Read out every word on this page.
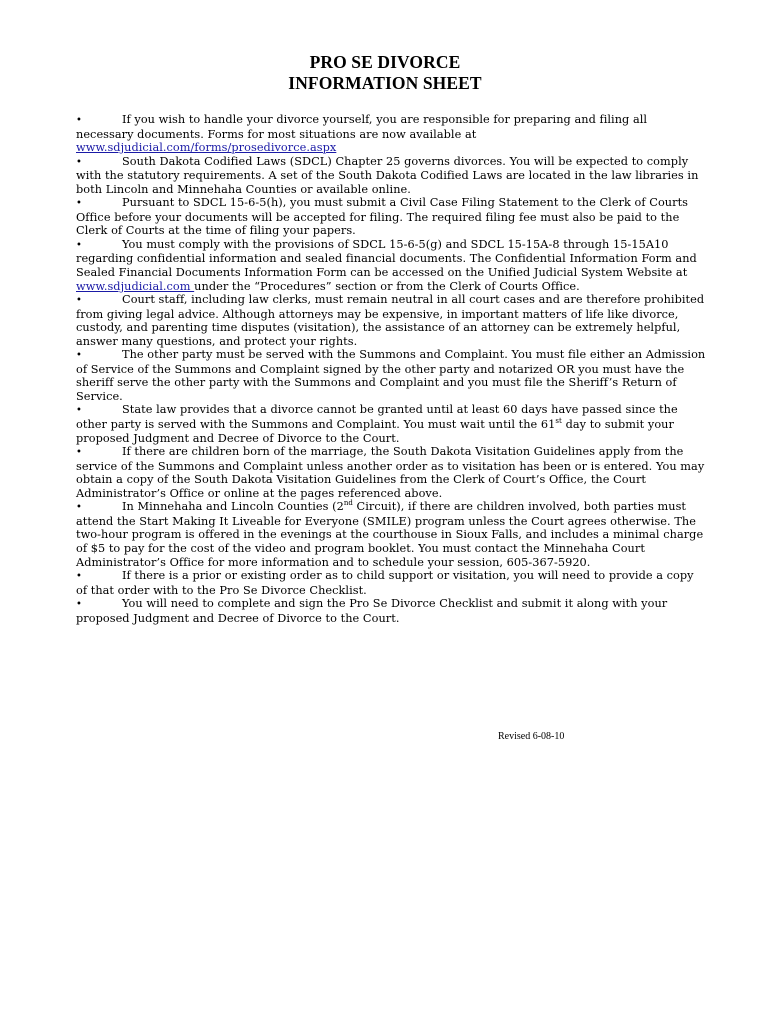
PRO SE DIVORCE
INFORMATION SHEET

•	If you wish to handle your divorce yourself, you are responsible for preparing and filing all necessary documents. Forms for most situations are now available at www.sdjudicial.com/forms/prosedivorce.aspx

•	South Dakota Codified Laws (SDCL) Chapter 25 governs divorces. You will be expected to comply with the statutory requirements. A set of the South Dakota Codified Laws are located in the law libraries in both Lincoln and Minnehaha Counties or available online.

•	Pursuant to SDCL 15-6-5(h), you must submit a Civil Case Filing Statement to the Clerk of Courts Office before your documents will be accepted for filing. The required filing fee must also be paid to the Clerk of Courts at the time of filing your papers.

•	You must comply with the provisions of SDCL 15-6-5(g) and SDCL 15-15A-8 through 15-15A10 regarding confidential information and sealed financial documents. The Confidential Information Form and Sealed Financial Documents Information Form can be accessed on the Unified Judicial System Website at www.sdjudicial.com under the “Procedures” section or from the Clerk of Courts Office.

•	Court staff, including law clerks, must remain neutral in all court cases and are therefore prohibited from giving legal advice. Although attorneys may be expensive, in important matters of life like divorce, custody, and parenting time disputes (visitation), the assistance of an attorney can be extremely helpful, answer many questions, and protect your rights.

•	The other party must be served with the Summons and Complaint. You must file either an Admission of Service of the Summons and Complaint signed by the other party and notarized OR you must have the sheriff serve the other party with the Summons and Complaint and you must file the Sheriff’s Return of Service.

•	State law provides that a divorce cannot be granted until at least 60 days have passed since the other party is served with the Summons and Complaint. You must wait until the 61st day to submit your proposed Judgment and Decree of Divorce to the Court.

•	If there are children born of the marriage, the South Dakota Visitation Guidelines apply from the service of the Summons and Complaint unless another order as to visitation has been or is entered. You may obtain a copy of the South Dakota Visitation Guidelines from the Clerk of Court’s Office, the Court Administrator’s Office or online at the pages referenced above.

•	In Minnehaha and Lincoln Counties (2nd Circuit), if there are children involved, both parties must attend the Start Making It Liveable for Everyone (SMILE) program unless the Court agrees otherwise. The two-hour program is offered in the evenings at the courthouse in Sioux Falls, and includes a minimal charge of $5 to pay for the cost of the video and program booklet. You must contact the Minnehaha Court Administrator’s Office for more information and to schedule your session, 605-367-5920.

•	If there is a prior or existing order as to child support or visitation, you will need to provide a copy of that order with to the Pro Se Divorce Checklist.

•	You will need to complete and sign the Pro Se Divorce Checklist and submit it along with your proposed Judgment and Decree of Divorce to the Court.

Revised 6-08-10
